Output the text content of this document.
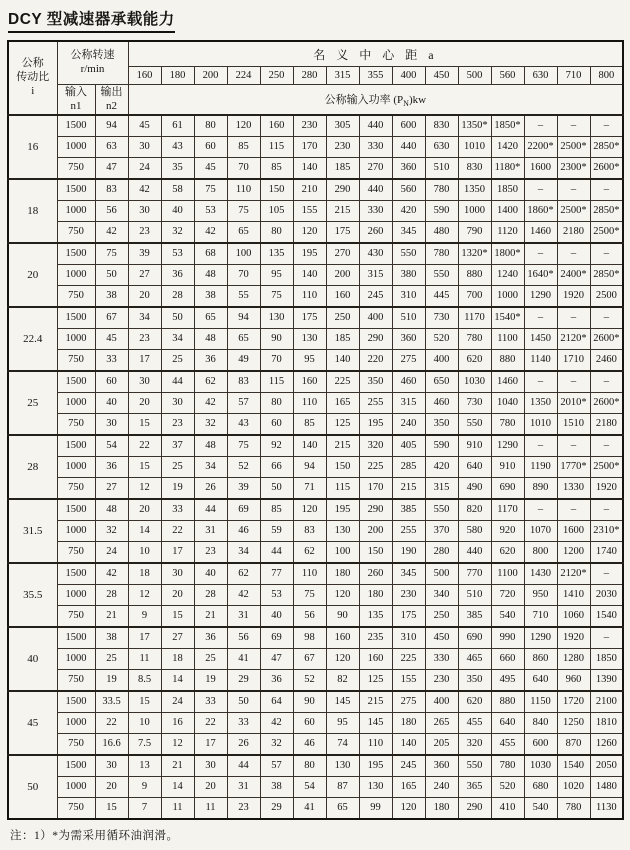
DCY 型减速器承载能力
公称
传动比
i	公称转速
r/min		名 义 中 心 距 a														
			160	180	200	224	250	280	315	355	400	450	500	560	630	710	800
	输入
n1	输出
n2	公称输入功率 $(P_N)kw$														
16	1500	94	45	61	80	120	160	230	305	440	600	830	1350*	1850*	–	–	–
	1000	63	30	43	60	85	115	170	230	330	440	630	1010	1420	2200*	2500*	2850*
	750	47	24	35	45	70	85	140	185	270	360	510	830	1180*	1600	2300*	2600*
18	1500	83	42	58	75	110	150	210	290	440	560	780	1350	1850	–	–	–
	1000	56	30	40	53	75	105	155	215	330	420	590	1000	1400	1860*	2500*	2850*
	750	42	23	32	42	65	80	120	175	260	345	480	790	1120	1460	2180	2500*
20	1500	75	39	53	68	100	135	195	270	430	550	780	1320*	1800*	–	–	–
	1000	50	27	36	48	70	95	140	200	315	380	550	880	1240	1640*	2400*	2850*
	750	38	20	28	38	55	75	110	160	245	310	445	700	1000	1290	1920	2500
22.4	1500	67	34	50	65	94	130	175	250	400	510	730	1170	1540*	–	–	–
	1000	45	23	34	48	65	90	130	185	290	360	520	780	1100	1450	2120*	2600*
	750	33	17	25	36	49	70	95	140	220	275	400	620	880	1140	1710	2460
25	1500	60	30	44	62	83	115	160	225	350	460	650	1030	1460	–	–	–
	1000	40	20	30	42	57	80	110	165	255	315	460	730	1040	1350	2010*	2600*
	750	30	15	23	32	43	60	85	125	195	240	350	550	780	1010	1510	2180
28	1500	54	22	37	48	75	92	140	215	320	405	590	910	1290	–	–	–
	1000	36	15	25	34	52	66	94	150	225	285	420	640	910	1190	1770*	2500*
	750	27	12	19	26	39	50	71	115	170	215	315	490	690	890	1330	1920
31.5	1500	48	20	33	44	69	85	120	195	290	385	550	820	1170	–	–	–
	1000	32	14	22	31	46	59	83	130	200	255	370	580	920	1070	1600	2310*
	750	24	10	17	23	34	44	62	100	150	190	280	440	620	800	1200	1740
35.5	1500	42	18	30	40	62	77	110	180	260	345	500	770	1100	1430	2120*	–
	1000	28	12	20	28	42	53	75	120	180	230	340	510	720	950	1410	2030
	750	21	9	15	21	31	40	56	90	135	175	250	385	540	710	1060	1540
40	1500	38	17	27	36	56	69	98	160	235	310	450	690	990	1290	1920	–
	1000	25	11	18	25	41	47	67	120	160	225	330	465	660	860	1280	1850
	750	19	8.5	14	19	29	36	52	82	125	155	230	350	495	640	960	1390
45	1500	33.5	15	24	33	50	64	90	145	215	275	400	620	880	1150	1720	2100
	1000	22	10	16	22	33	42	60	95	145	180	265	455	640	840	1250	1810
	750	16.6	7.5	12	17	26	32	46	74	110	140	205	320	455	600	870	1260
50	1500	30	13	21	30	44	57	80	130	195	245	360	550	780	1030	1540	2050
	1000	20	9	14	20	31	38	54	87	130	165	240	365	520	680	1020	1480
	750	15	7	11	11	23	29	41	65	99	120	180	290	410	540	780	1130
注：1）*为需采用循环油润滑。
